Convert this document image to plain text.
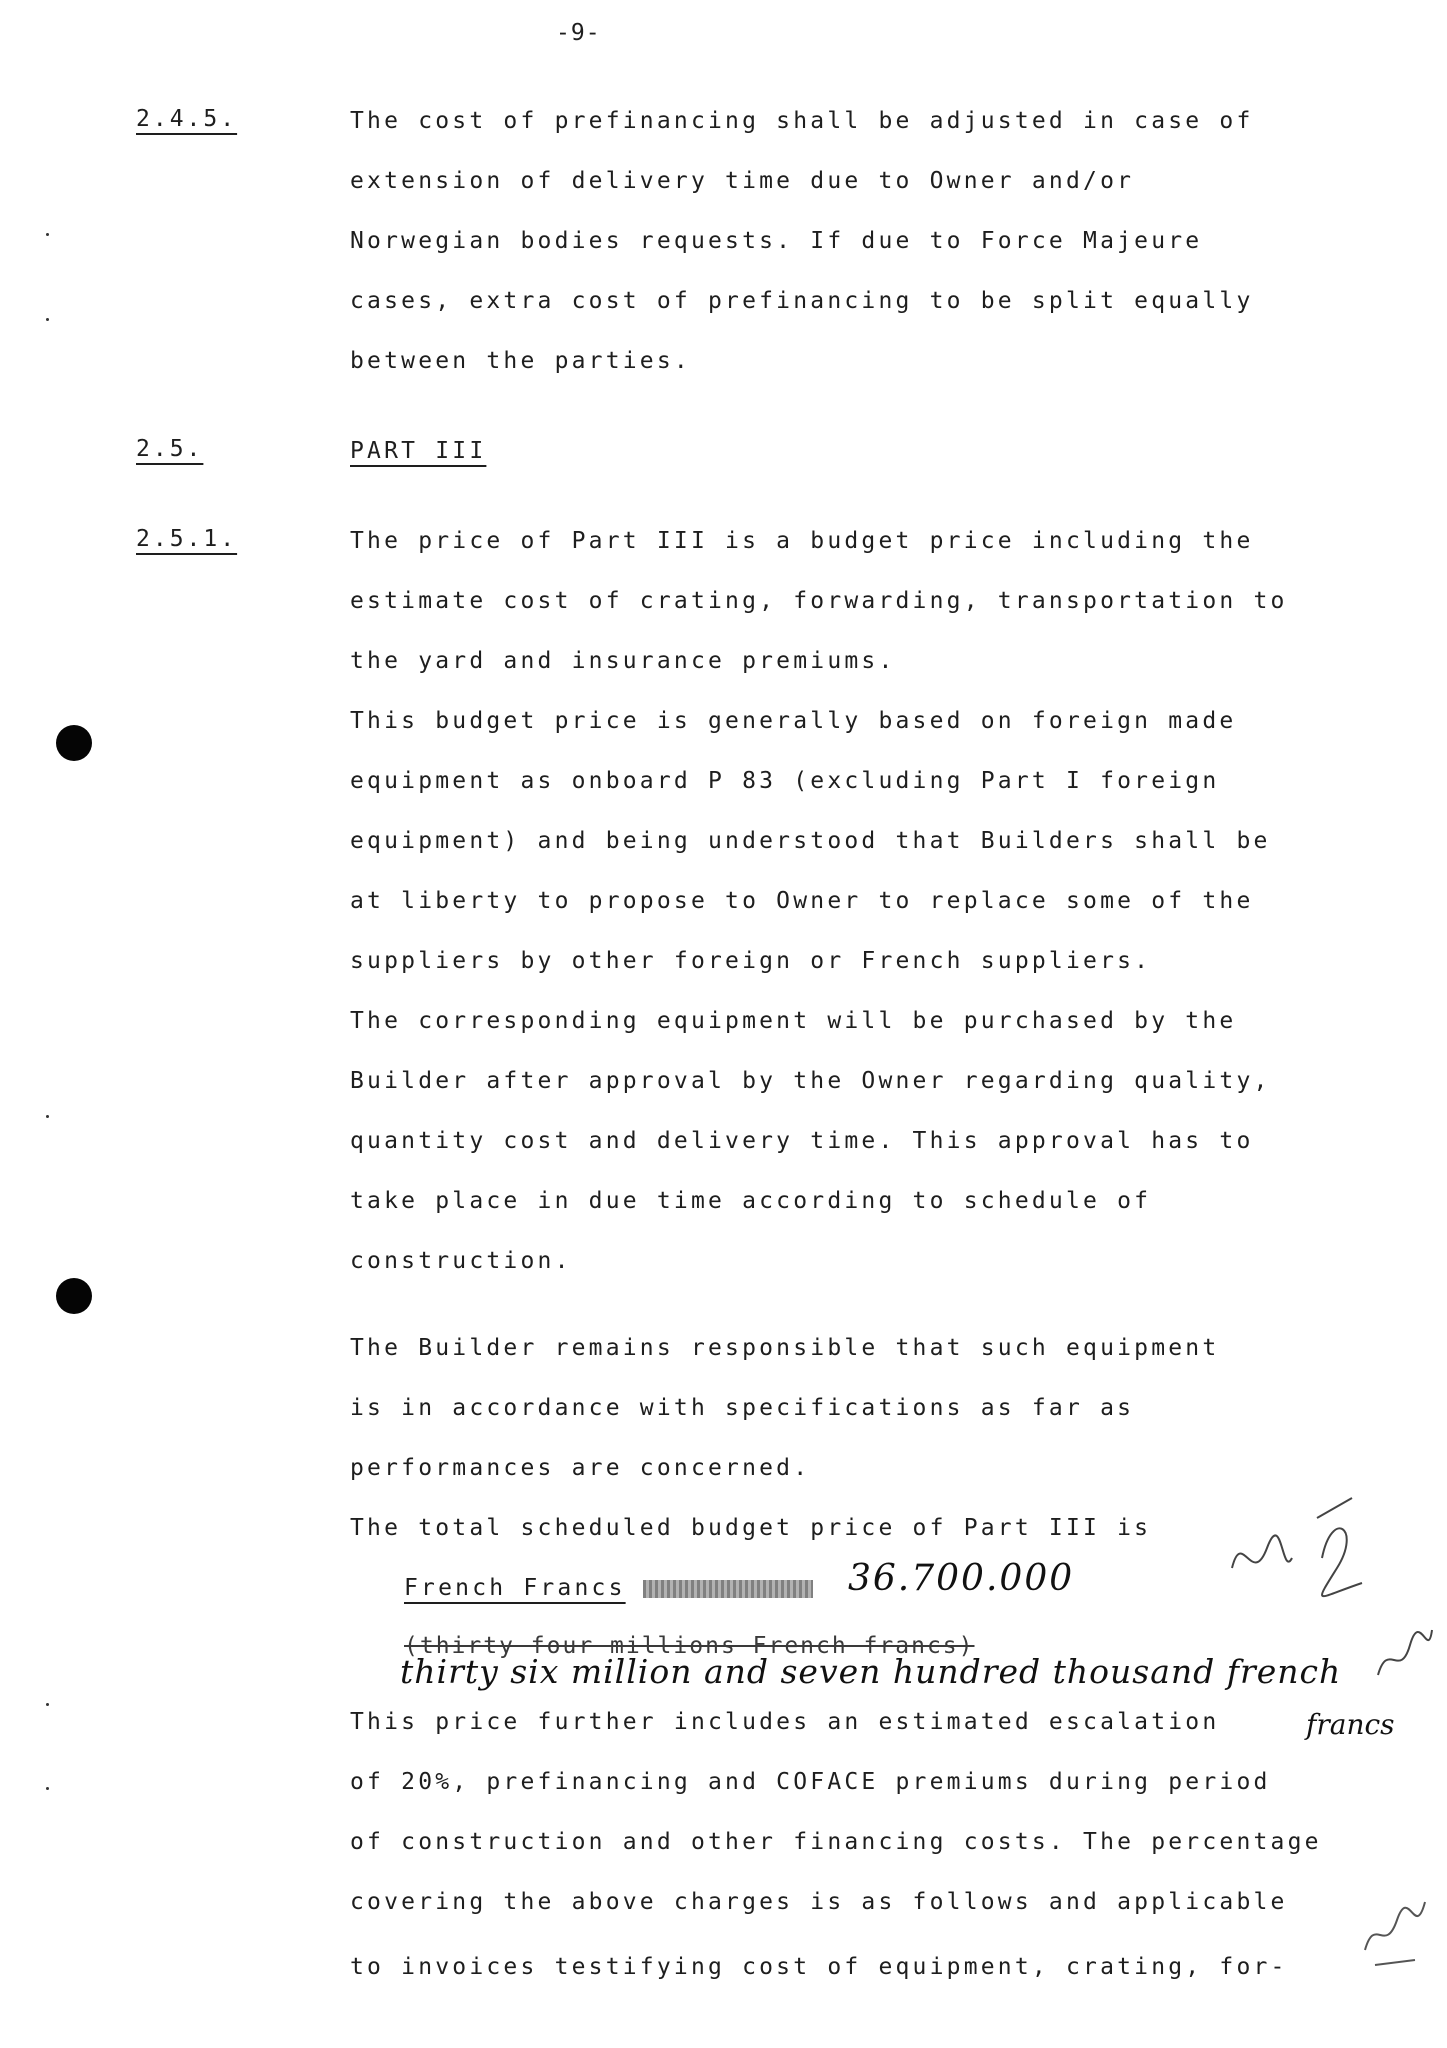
-9-
2.4.5.	The cost of prefinancing shall be adjusted in case of
extension of delivery time due to Owner and/or
Norwegian bodies requests. If due to Force Majeure
cases, extra cost of prefinancing to be split equally
between the parties.
2.5.	PART III
2.5.1.	The price of Part III is a budget price including the
estimate cost of crating, forwarding, transportation to
the yard and insurance premiums.
This budget price is generally based on foreign made
equipment as onboard P 83 (excluding Part I foreign
equipment) and being understood that Builders shall be
at liberty to propose to Owner to replace some of the
suppliers by other foreign or French suppliers.
The corresponding equipment will be purchased by the
Builder after approval by the Owner regarding quality,
quantity cost and delivery time. This approval has to
take place in due time according to schedule of
construction.
The Builder remains responsible that such equipment
is in accordance with specifications as far as
performances are concerned.
The total scheduled budget price of Part III is
French Francs	36.700.000
(thirty four millions French francs)
thirty six million and seven hundred thousand french
francs
This price further includes an estimated escalation
of 20%, prefinancing and COFACE premiums during period
of construction and other financing costs. The percentage
covering the above charges is as follows and applicable
to invoices testifying cost of equipment, crating, for-
